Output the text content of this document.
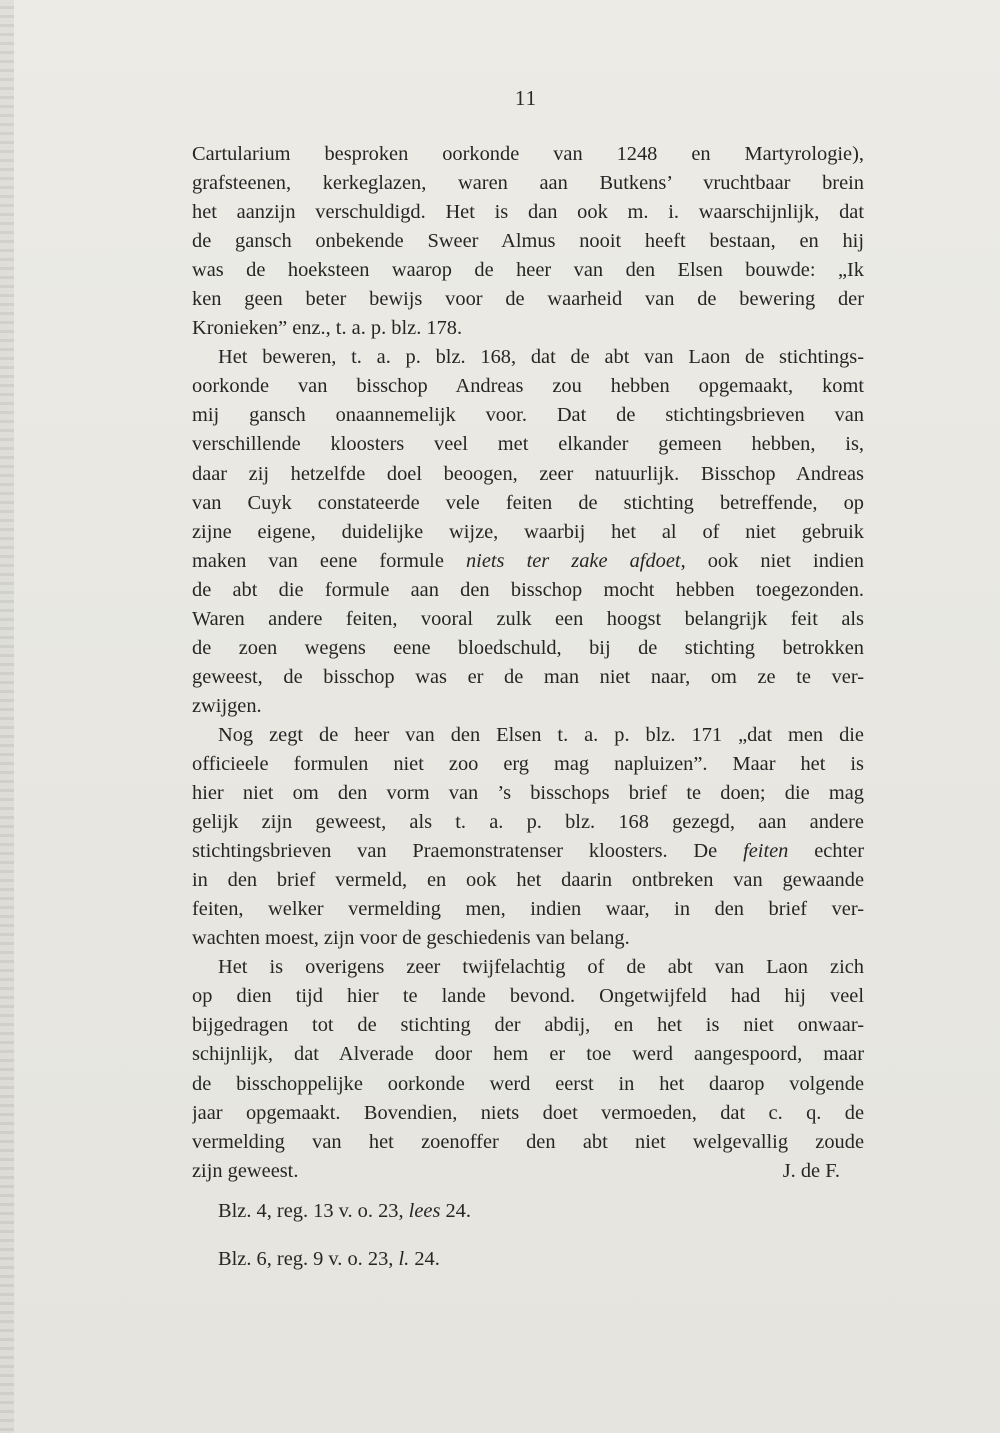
11
Cartularium besproken oorkonde van 1248 en Martyrologie),
grafsteenen, kerkeglazen, waren aan Butkens’ vruchtbaar brein
het aanzijn verschuldigd. Het is dan ook m. i. waarschijnlijk, dat
de gansch onbekende Sweer Almus nooit heeft bestaan, en hij
was de hoeksteen waarop de heer van den Elsen bouwde: „Ik
ken geen beter bewijs voor de waarheid van de bewering der
Kronieken” enz., t. a. p. blz. 178.
Het beweren, t. a. p. blz. 168, dat de abt van Laon de stichtings-
oorkonde van bisschop Andreas zou hebben opgemaakt, komt
mij gansch onaannemelijk voor. Dat de stichtingsbrieven van
verschillende kloosters veel met elkander gemeen hebben, is,
daar zij hetzelfde doel beoogen, zeer natuurlijk. Bisschop Andreas
van Cuyk constateerde vele feiten de stichting betreffende, op
zijne eigene, duidelijke wijze, waarbij het al of niet gebruik
maken van eene formule niets ter zake afdoet, ook niet indien
de abt die formule aan den bisschop mocht hebben toegezonden.
Waren andere feiten, vooral zulk een hoogst belangrijk feit als
de zoen wegens eene bloedschuld, bij de stichting betrokken
geweest, de bisschop was er de man niet naar, om ze te ver-
zwijgen.
Nog zegt de heer van den Elsen t. a. p. blz. 171 „dat men die
officieele formulen niet zoo erg mag napluizen”. Maar het is
hier niet om den vorm van ’s bisschops brief te doen; die mag
gelijk zijn geweest, als t. a. p. blz. 168 gezegd, aan andere
stichtingsbrieven van Praemonstratenser kloosters. De feiten echter
in den brief vermeld, en ook het daarin ontbreken van gewaande
feiten, welker vermelding men, indien waar, in den brief ver-
wachten moest, zijn voor de geschiedenis van belang.
Het is overigens zeer twijfelachtig of de abt van Laon zich
op dien tijd hier te lande bevond. Ongetwijfeld had hij veel
bijgedragen tot de stichting der abdij, en het is niet onwaar-
schijnlijk, dat Alverade door hem er toe werd aangespoord, maar
de bisschoppelijke oorkonde werd eerst in het daarop volgende
jaar opgemaakt. Bovendien, niets doet vermoeden, dat c. q. de
vermelding van het zoenoffer den abt niet welgevallig zoude
zijn geweest.	J. de F.
Blz. 4, reg. 13 v. o. 23, lees 24.
Blz. 6, reg. 9 v. o. 23, l. 24.
